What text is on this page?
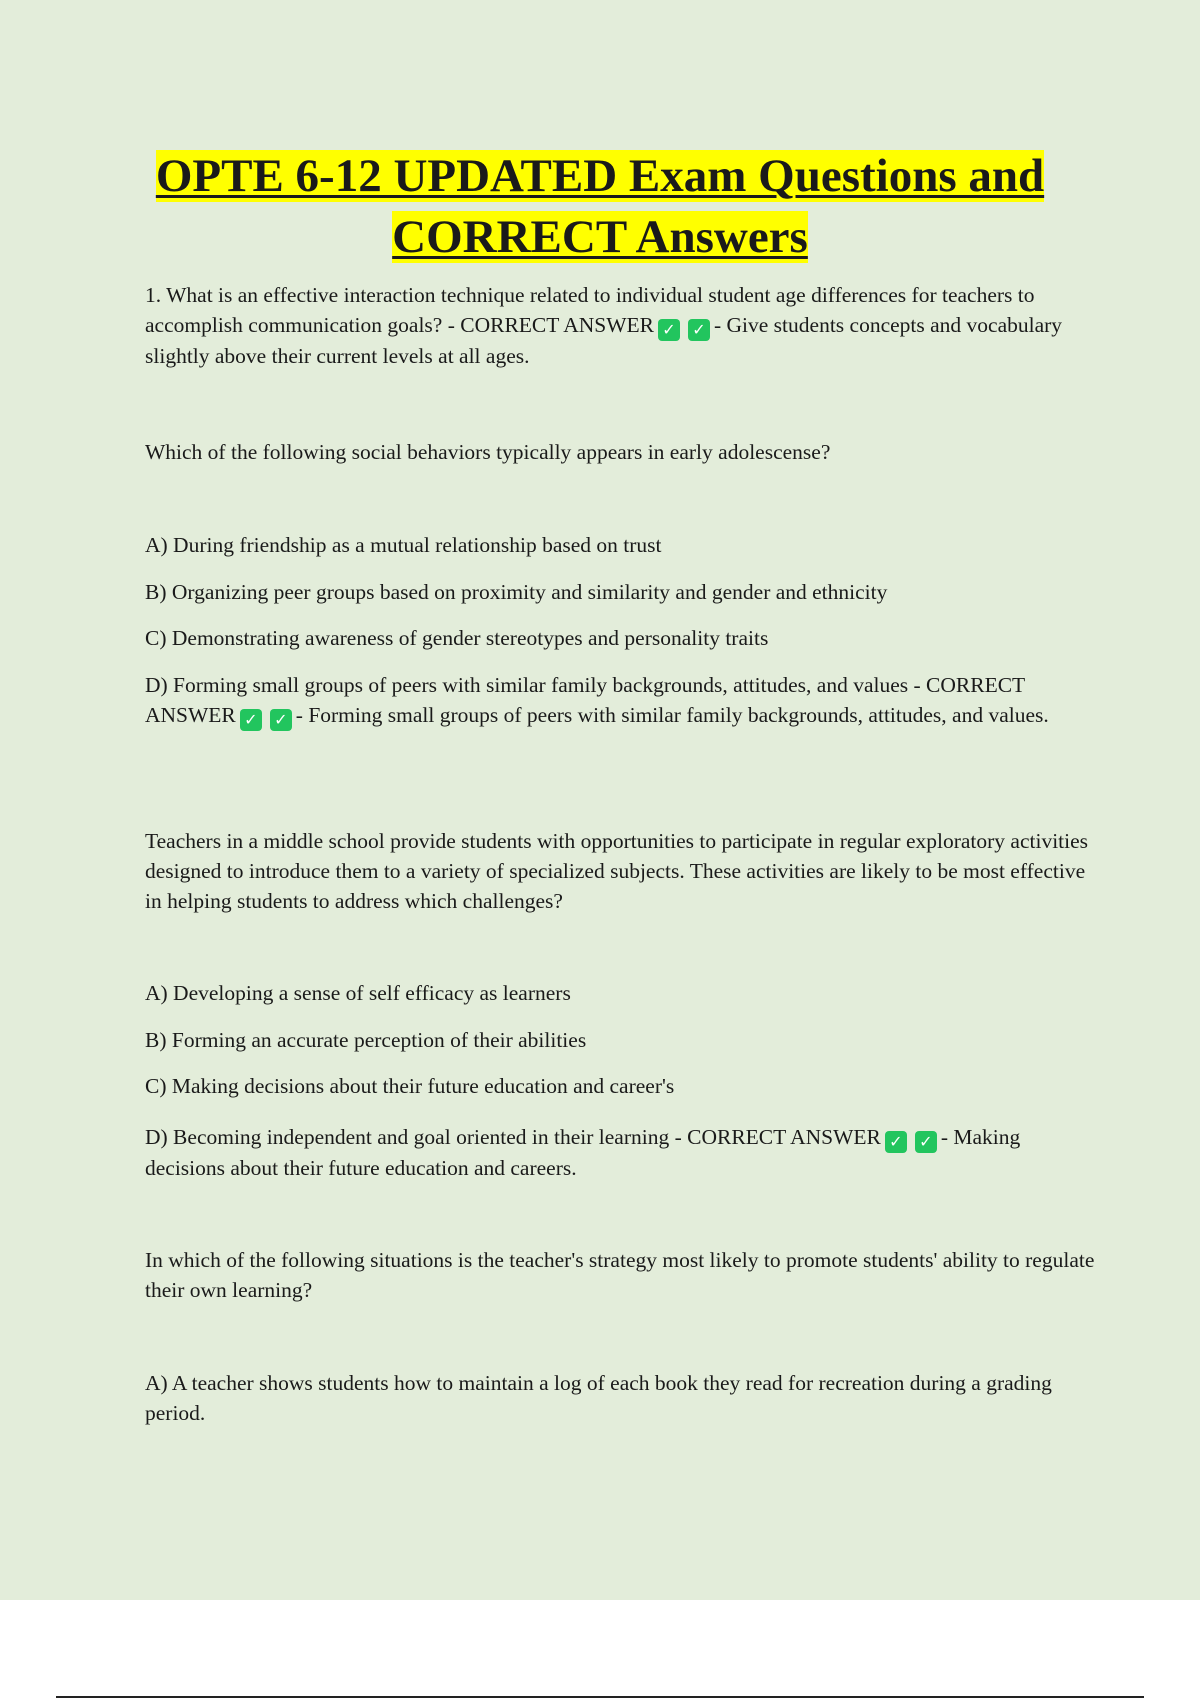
OPTE 6-12 UPDATED Exam Questions and
CORRECT Answers

1. What is an effective interaction technique related to individual student age differences for teachers to accomplish communication goals? - CORRECT ANSWER ✓ ✓ - Give students concepts and vocabulary slightly above their current levels at all ages.

Which of the following social behaviors typically appears in early adolescense?

A) During friendship as a mutual relationship based on trust

B) Organizing peer groups based on proximity and similarity and gender and ethnicity

C) Demonstrating awareness of gender stereotypes and personality traits

D) Forming small groups of peers with similar family backgrounds, attitudes, and values - CORRECT ANSWER ✓ ✓ - Forming small groups of peers with similar family backgrounds, attitudes, and values.

Teachers in a middle school provide students with opportunities to participate in regular exploratory activities designed to introduce them to a variety of specialized subjects. These activities are likely to be most effective in helping students to address which challenges?

A) Developing a sense of self efficacy as learners

B) Forming an accurate perception of their abilities

C) Making decisions about their future education and career's

D) Becoming independent and goal oriented in their learning - CORRECT ANSWER ✓ ✓ - Making decisions about their future education and careers.

In which of the following situations is the teacher's strategy most likely to promote students' ability to regulate their own learning?

A) A teacher shows students how to maintain a log of each book they read for recreation during a grading period.
